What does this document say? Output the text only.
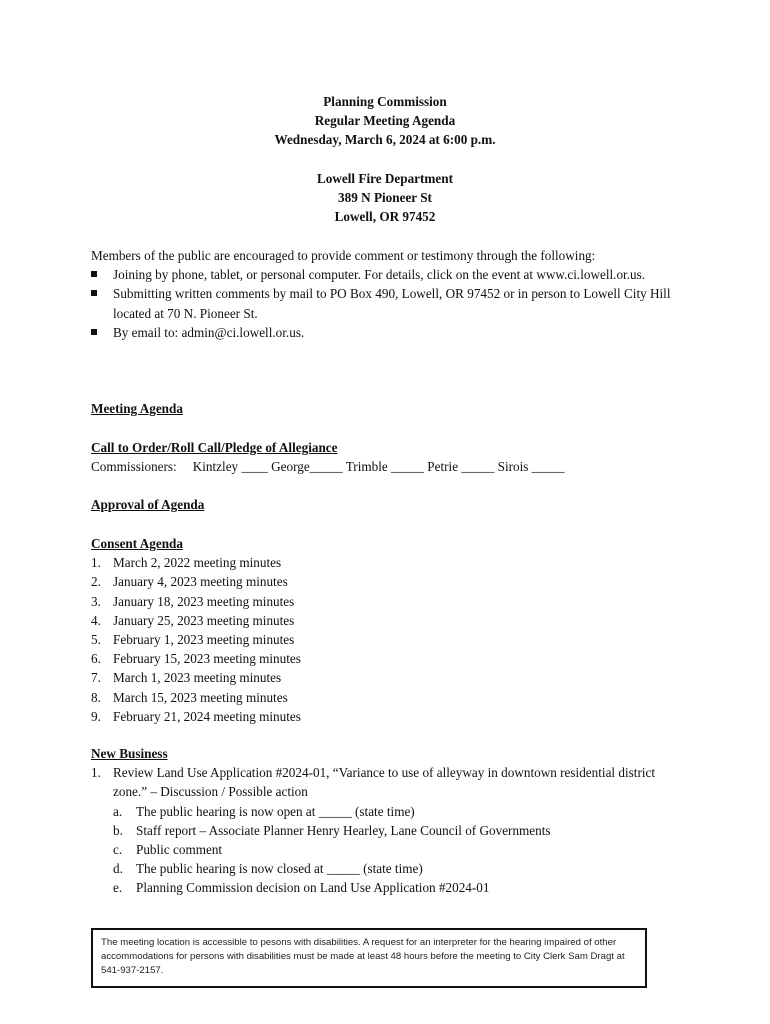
Planning Commission
Regular Meeting Agenda
Wednesday, March 6, 2024 at 6:00 p.m.
Lowell Fire Department
389 N Pioneer St
Lowell, OR 97452
Members of the public are encouraged to provide comment or testimony through the following:
Joining by phone, tablet, or personal computer. For details, click on the event at www.ci.lowell.or.us.
Submitting written comments by mail to PO Box 490, Lowell, OR 97452 or in person to Lowell City Hill located at 70 N. Pioneer St.
By email to: admin@ci.lowell.or.us.
Meeting Agenda
Call to Order/Roll Call/Pledge of Allegiance
Commissioners: Kintzley ____ George_____ Trimble _____ Petrie _____ Sirois _____
Approval of Agenda
Consent Agenda
1. March 2, 2022 meeting minutes
2. January 4, 2023 meeting minutes
3. January 18, 2023 meeting minutes
4. January 25, 2023 meeting minutes
5. February 1, 2023 meeting minutes
6. February 15, 2023 meeting minutes
7. March 1, 2023 meeting minutes
8. March 15, 2023 meeting minutes
9. February 21, 2024 meeting minutes
New Business
1. Review Land Use Application #2024-01, “Variance to use of alleyway in downtown residential district zone.” – Discussion / Possible action
a. The public hearing is now open at _____ (state time)
b. Staff report – Associate Planner Henry Hearley, Lane Council of Governments
c. Public comment
d. The public hearing is now closed at _____ (state time)
e. Planning Commission decision on Land Use Application #2024-01
The meeting location is accessible to pesons with disabilities. A request for an interpreter for the hearing impaired of other accommodations for persons with disabilities must be made at least 48 hours before the meeting to City Clerk Sam Dragt at 541-937-2157.
